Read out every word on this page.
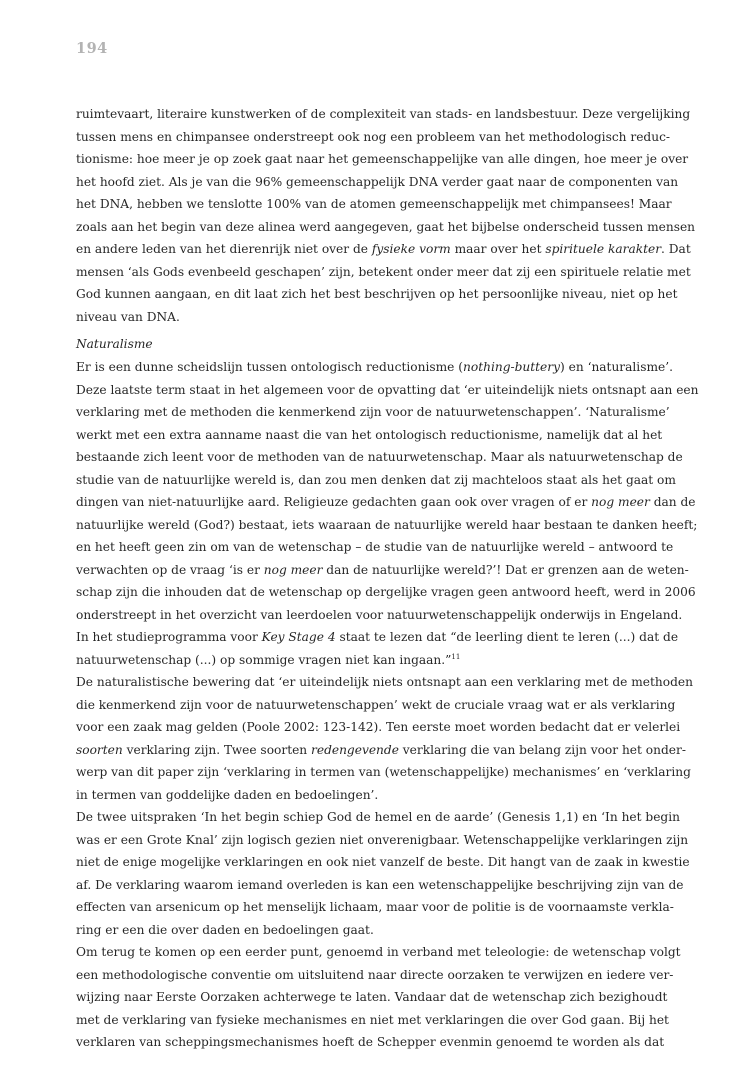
194
ruimtevaart, literaire kunstwerken of de complexiteit van stads- en landsbestuur. Deze vergelijking
tussen mens en chimpansee onderstreept ook nog een probleem van het methodologisch reduc-
tionisme: hoe meer je op zoek gaat naar het gemeenschappelijke van alle dingen, hoe meer je over
het hoofd ziet. Als je van die 96% gemeenschappelijk DNA verder gaat naar de componenten van
het DNA, hebben we tenslotte 100% van de atomen gemeenschappelijk met chimpansees! Maar
zoals aan het begin van deze alinea werd aangegeven, gaat het bijbelse onderscheid tussen mensen
en andere leden van het dierenrijk niet over de fysieke vorm maar over het spirituele karakter. Dat
mensen ‘als Gods evenbeeld geschapen’ zijn, betekent onder meer dat zij een spirituele relatie met
God kunnen aangaan, en dit laat zich het best beschrijven op het persoonlijke niveau, niet op het
niveau van DNA.
Naturalisme
Er is een dunne scheidslijn tussen ontologisch reductionisme (nothing-buttery) en ‘naturalisme’.
Deze laatste term staat in het algemeen voor de opvatting dat ‘er uiteindelijk niets ontsnapt aan een
verklaring met de methoden die kenmerkend zijn voor de natuurwetenschappen’. ‘Naturalisme’
werkt met een extra aanname naast die van het ontologisch reductionisme, namelijk dat al het
bestaande zich leent voor de methoden van de natuurwetenschap. Maar als natuurwetenschap de
studie van de natuurlijke wereld is, dan zou men denken dat zij machteloos staat als het gaat om
dingen van niet-natuurlijke aard. Religieuze gedachten gaan ook over vragen of er nog meer dan de
natuurlijke wereld (God?) bestaat, iets waaraan de natuurlijke wereld haar bestaan te danken heeft;
en het heeft geen zin om van de wetenschap – de studie van de natuurlijke wereld – antwoord te
verwachten op de vraag ‘is er nog meer dan de natuurlijke wereld?’! Dat er grenzen aan de weten-
schap zijn die inhouden dat de wetenschap op dergelijke vragen geen antwoord heeft, werd in 2006
onderstreept in het overzicht van leerdoelen voor natuurwetenschappelijk onderwijs in Engeland.
In het studieprogramma voor Key Stage 4 staat te lezen dat “de leerling dient te leren (...) dat de
natuurwetenschap (...) op sommige vragen niet kan ingaan.”$^{11}$
De naturalistische bewering dat ‘er uiteindelijk niets ontsnapt aan een verklaring met de methoden
die kenmerkend zijn voor de natuurwetenschappen’ wekt de cruciale vraag wat er als verklaring
voor een zaak mag gelden (Poole 2002: 123-142). Ten eerste moet worden bedacht dat er velerlei
soorten verklaring zijn. Twee soorten redengevende verklaring die van belang zijn voor het onder-
werp van dit paper zijn ‘verklaring in termen van (wetenschappelijke) mechanismes’ en ‘verklaring
in termen van goddelijke daden en bedoelingen’.
De twee uitspraken ‘In het begin schiep God de hemel en de aarde’ (Genesis 1,1) en ‘In het begin
was er een Grote Knal’ zijn logisch gezien niet onverenigbaar. Wetenschappelijke verklaringen zijn
niet de enige mogelijke verklaringen en ook niet vanzelf de beste. Dit hangt van de zaak in kwestie
af. De verklaring waarom iemand overleden is kan een wetenschappelijke beschrijving zijn van de
effecten van arsenicum op het menselijk lichaam, maar voor de politie is de voornaamste verkla-
ring er een die over daden en bedoelingen gaat.
Om terug te komen op een eerder punt, genoemd in verband met teleologie: de wetenschap volgt
een methodologische conventie om uitsluitend naar directe oorzaken te verwijzen en iedere ver-
wijzing naar Eerste Oorzaken achterwege te laten. Vandaar dat de wetenschap zich bezighoudt
met de verklaring van fysieke mechanismes en niet met verklaringen die over God gaan. Bij het
verklaren van scheppingsmechanismes hoeft de Schepper evenmin genoemd te worden als dat
